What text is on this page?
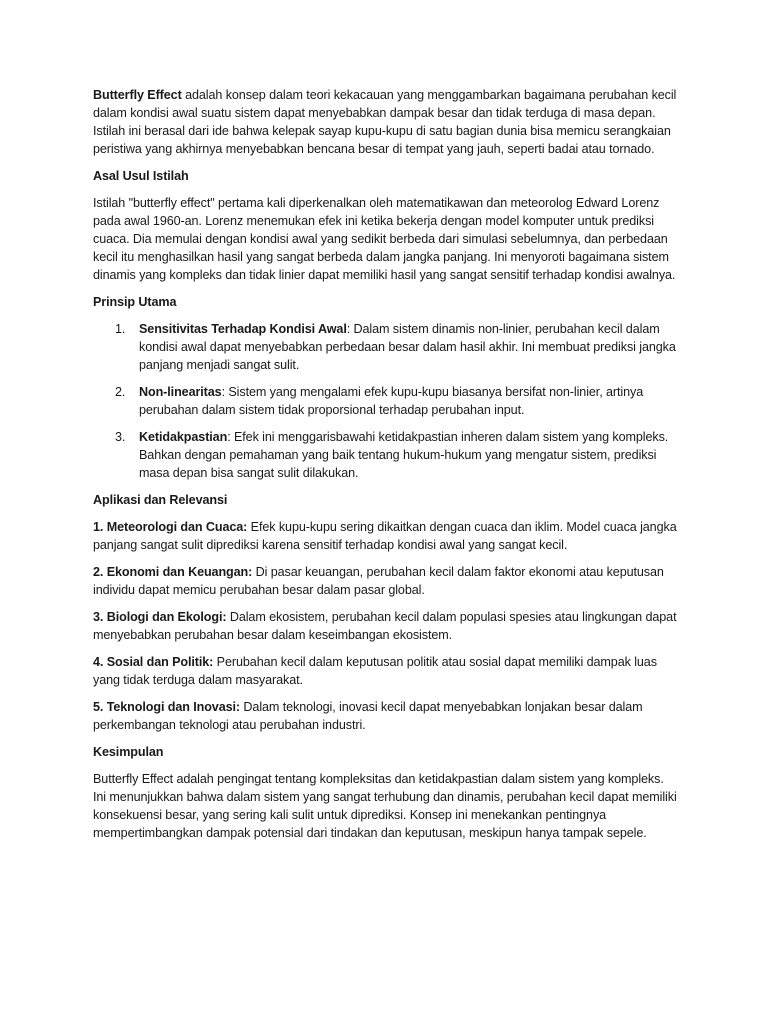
Butterfly Effect adalah konsep dalam teori kekacauan yang menggambarkan bagaimana perubahan kecil dalam kondisi awal suatu sistem dapat menyebabkan dampak besar dan tidak terduga di masa depan. Istilah ini berasal dari ide bahwa kelepak sayap kupu-kupu di satu bagian dunia bisa memicu serangkaian peristiwa yang akhirnya menyebabkan bencana besar di tempat yang jauh, seperti badai atau tornado.

Asal Usul Istilah

Istilah "butterfly effect" pertama kali diperkenalkan oleh matematikawan dan meteorolog Edward Lorenz pada awal 1960-an. Lorenz menemukan efek ini ketika bekerja dengan model komputer untuk prediksi cuaca. Dia memulai dengan kondisi awal yang sedikit berbeda dari simulasi sebelumnya, dan perbedaan kecil itu menghasilkan hasil yang sangat berbeda dalam jangka panjang. Ini menyoroti bagaimana sistem dinamis yang kompleks dan tidak linier dapat memiliki hasil yang sangat sensitif terhadap kondisi awalnya.

Prinsip Utama

1. Sensitivitas Terhadap Kondisi Awal: Dalam sistem dinamis non-linier, perubahan kecil dalam kondisi awal dapat menyebabkan perbedaan besar dalam hasil akhir. Ini membuat prediksi jangka panjang menjadi sangat sulit.
2. Non-linearitas: Sistem yang mengalami efek kupu-kupu biasanya bersifat non-linier, artinya perubahan dalam sistem tidak proporsional terhadap perubahan input.
3. Ketidakpastian: Efek ini menggarisbawahi ketidakpastian inheren dalam sistem yang kompleks. Bahkan dengan pemahaman yang baik tentang hukum-hukum yang mengatur sistem, prediksi masa depan bisa sangat sulit dilakukan.

Aplikasi dan Relevansi

1. Meteorologi dan Cuaca: Efek kupu-kupu sering dikaitkan dengan cuaca dan iklim. Model cuaca jangka panjang sangat sulit diprediksi karena sensitif terhadap kondisi awal yang sangat kecil.

2. Ekonomi dan Keuangan: Di pasar keuangan, perubahan kecil dalam faktor ekonomi atau keputusan individu dapat memicu perubahan besar dalam pasar global.

3. Biologi dan Ekologi: Dalam ekosistem, perubahan kecil dalam populasi spesies atau lingkungan dapat menyebabkan perubahan besar dalam keseimbangan ekosistem.

4. Sosial dan Politik: Perubahan kecil dalam keputusan politik atau sosial dapat memiliki dampak luas yang tidak terduga dalam masyarakat.

5. Teknologi dan Inovasi: Dalam teknologi, inovasi kecil dapat menyebabkan lonjakan besar dalam perkembangan teknologi atau perubahan industri.

Kesimpulan

Butterfly Effect adalah pengingat tentang kompleksitas dan ketidakpastian dalam sistem yang kompleks. Ini menunjukkan bahwa dalam sistem yang sangat terhubung dan dinamis, perubahan kecil dapat memiliki konsekuensi besar, yang sering kali sulit untuk diprediksi. Konsep ini menekankan pentingnya mempertimbangkan dampak potensial dari tindakan dan keputusan, meskipun hanya tampak sepele.
